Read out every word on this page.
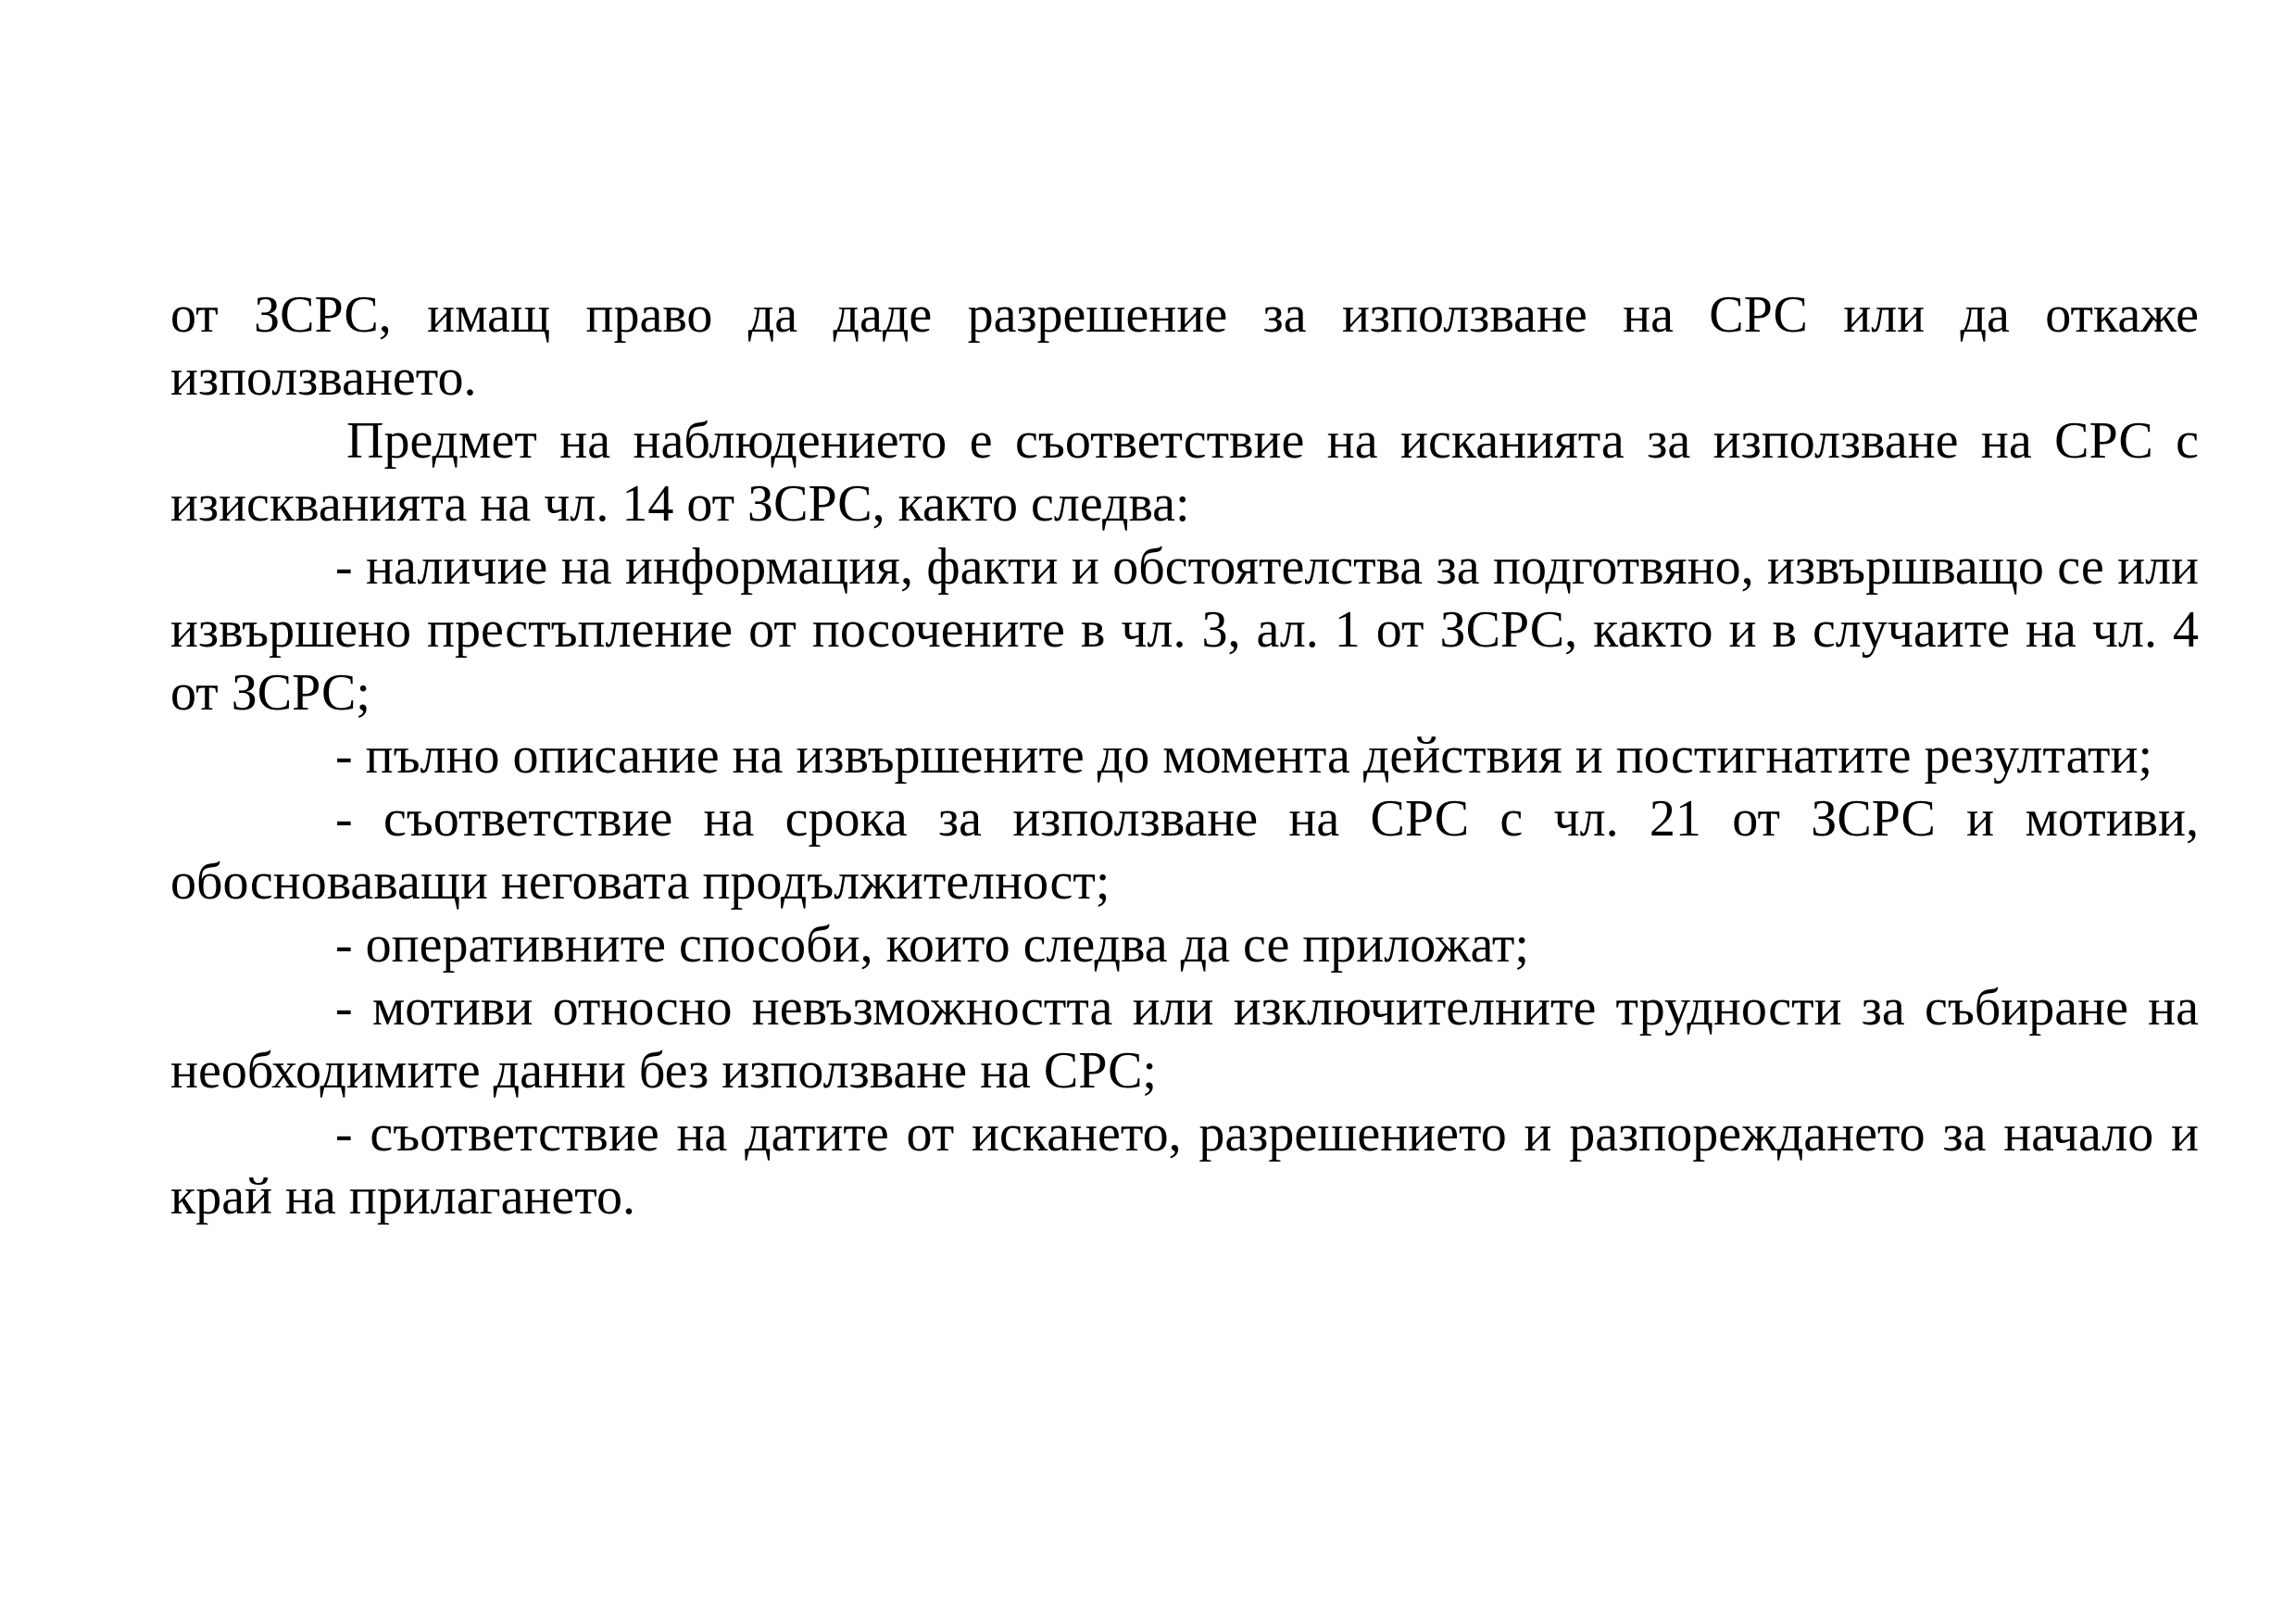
от ЗСРС, имащ право да даде разрешение за използване на СРС или да откаже използването.

Предмет на наблюдението е съответствие на исканията за използване на СРС с изискванията на чл. 14 от ЗСРС, както следва:

- наличие на информация, факти и обстоятелства за подготвяно, извършващо се или извършено престъпление от посочените в чл. 3, ал. 1 от ЗСРС, както и в случаите на чл. 4 от ЗСРС;

- пълно описание на извършените до момента действия и постигнатите резултати;

- съответствие на срока за използване на СРС с чл. 21 от ЗСРС и мотиви, обосноваващи неговата продължителност;

- оперативните способи, които следва да се приложат;

- мотиви относно невъзможността или изключителните трудности за събиране на необходимите данни без използване на СРС;

- съответствие на датите от искането, разрешението и разпореждането за начало и край на прилагането.
